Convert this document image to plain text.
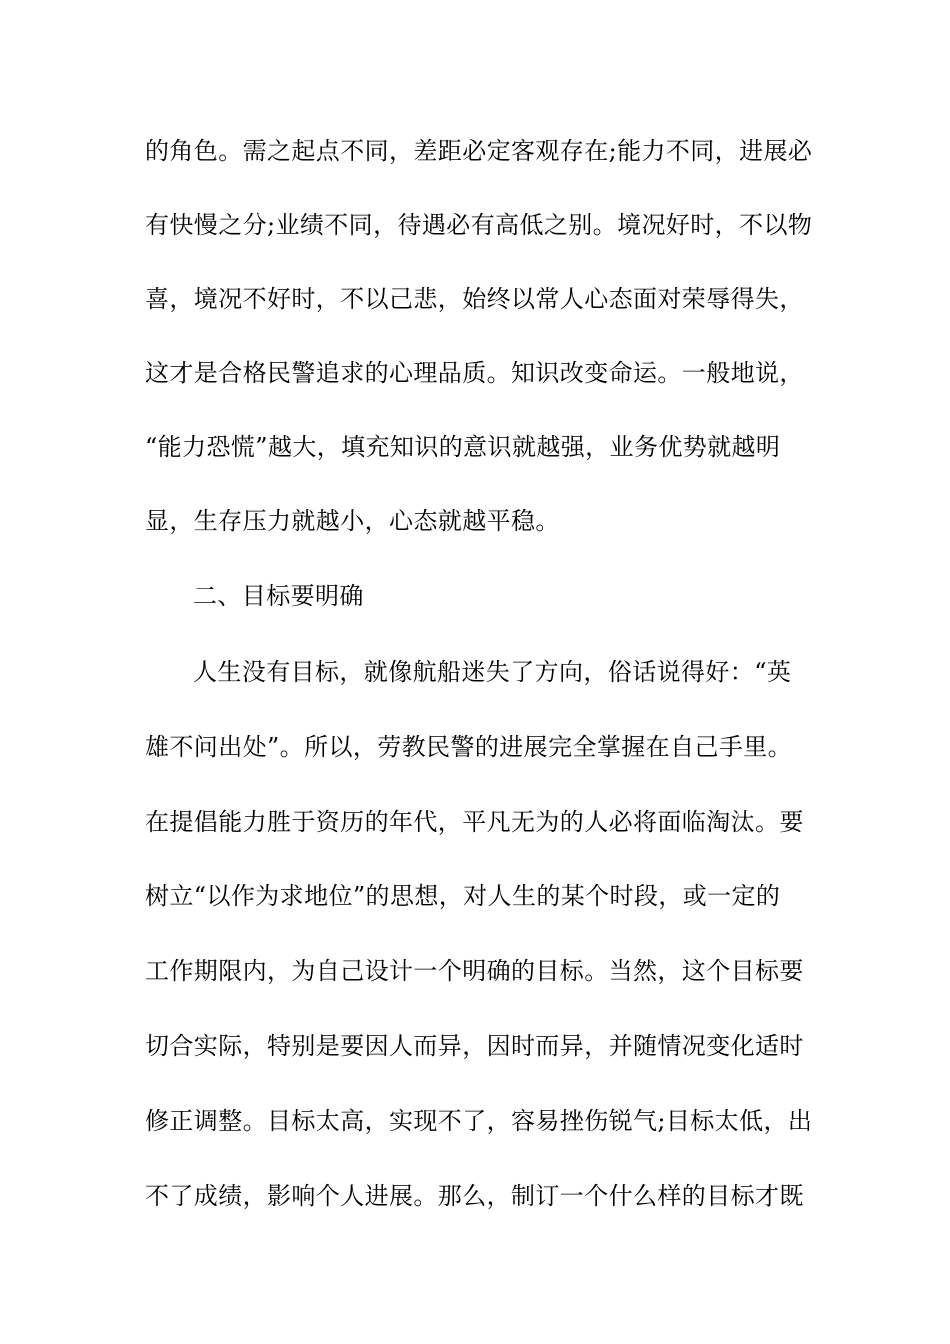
的角色。需之起点不同，差距必定客观存在;能力不同，进展必
有快慢之分;业绩不同，待遇必有高低之别。境况好时，不以物
喜，境况不好时，不以己悲，始终以常人心态面对荣辱得失，
这才是合格民警追求的心理品质。知识改变命运。一般地说，
“能力恐慌”越大，填充知识的意识就越强，业务优势就越明
显，生存压力就越小，心态就越平稳。
二、目标要明确
人生没有目标，就像航船迷失了方向，俗话说得好：“英
雄不问出处”。所以，劳教民警的进展完全掌握在自己手里。
在提倡能力胜于资历的年代，平凡无为的人必将面临淘汰。要
树立“以作为求地位”的思想，对人生的某个时段，或一定的
工作期限内，为自己设计一个明确的目标。当然，这个目标要
切合实际，特别是要因人而异，因时而异，并随情况变化适时
修正调整。目标太高，实现不了，容易挫伤锐气;目标太低，出
不了成绩，影响个人进展。那么，制订一个什么样的目标才既
